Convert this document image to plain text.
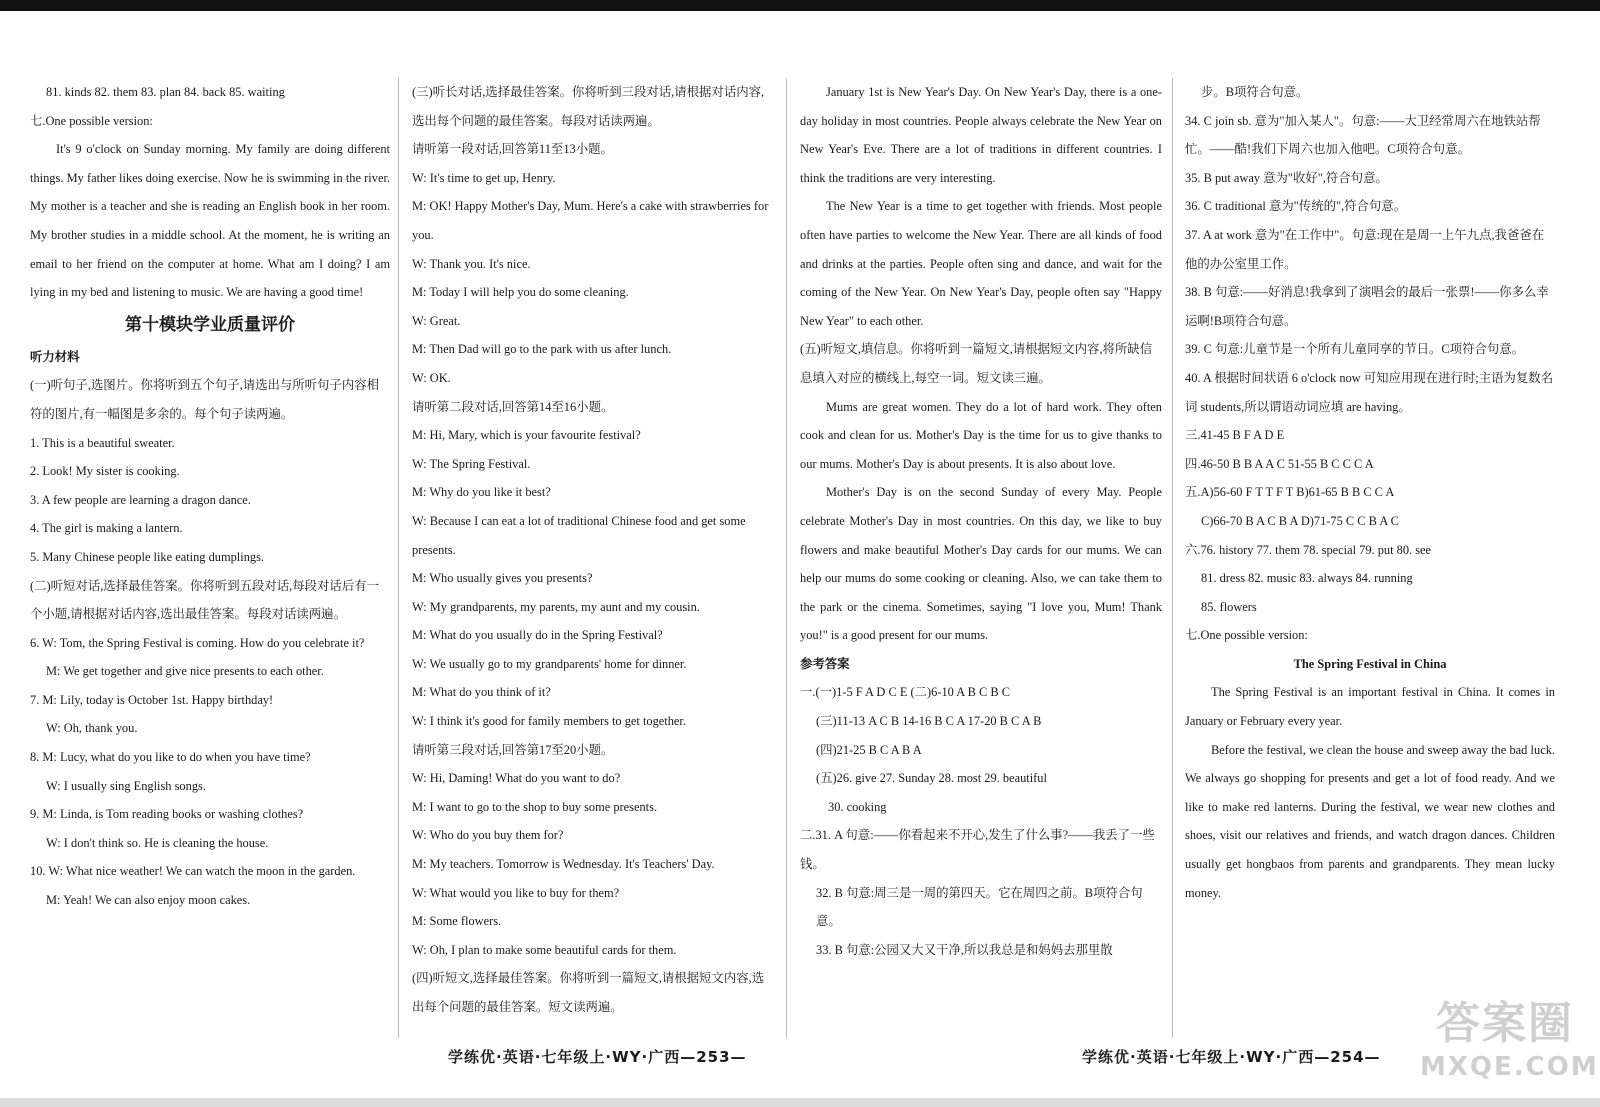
81. kinds 82. them 83. plan 84. back 85. waiting

七.One possible version:

It's 9 o'clock on Sunday morning. My family are doing different things. My father likes doing exercise. Now he is swimming in the river. My mother is a teacher and she is reading an English book in her room. My brother studies in a middle school. At the moment, he is writing an email to her friend on the computer at home. What am I doing? I am lying in my bed and listening to music. We are having a good time!

第十模块学业质量评价

听力材料

(一)听句子,选图片。你将听到五个句子,请选出与所听句子内容相符的图片,有一幅图是多余的。每个句子读两遍。

1. This is a beautiful sweater.

2. Look! My sister is cooking.

3. A few people are learning a dragon dance.

4. The girl is making a lantern.

5. Many Chinese people like eating dumplings.

(二)听短对话,选择最佳答案。你将听到五段对话,每段对话后有一个小题,请根据对话内容,选出最佳答案。每段对话读两遍。

6. W: Tom, the Spring Festival is coming. How do you celebrate it?

M: We get together and give nice presents to each other.

7. M: Lily, today is October 1st. Happy birthday!

W: Oh, thank you.

8. M: Lucy, what do you like to do when you have time?

W: I usually sing English songs.

9. M: Linda, is Tom reading books or washing clothes?

W: I don't think so. He is cleaning the house.

10. W: What nice weather! We can watch the moon in the garden.

M: Yeah! We can also enjoy moon cakes.

(三)听长对话,选择最佳答案。你将听到三段对话,请根据对话内容,选出每个问题的最佳答案。每段对话读两遍。

请听第一段对话,回答第11至13小题。

W: It's time to get up, Henry.

M: OK! Happy Mother's Day, Mum. Here's a cake with strawberries for you.

W: Thank you. It's nice.

M: Today I will help you do some cleaning.

W: Great.

M: Then Dad will go to the park with us after lunch.

W: OK.

请听第二段对话,回答第14至16小题。

M: Hi, Mary, which is your favourite festival?

W: The Spring Festival.

M: Why do you like it best?

W: Because I can eat a lot of traditional Chinese food and get some presents.

M: Who usually gives you presents?

W: My grandparents, my parents, my aunt and my cousin.

M: What do you usually do in the Spring Festival?

W: We usually go to my grandparents' home for dinner.

M: What do you think of it?

W: I think it's good for family members to get together.

请听第三段对话,回答第17至20小题。

W: Hi, Daming! What do you want to do?

M: I want to go to the shop to buy some presents.

W: Who do you buy them for?

M: My teachers. Tomorrow is Wednesday. It's Teachers' Day.

W: What would you like to buy for them?

M: Some flowers.

W: Oh, I plan to make some beautiful cards for them.

(四)听短文,选择最佳答案。你将听到一篇短文,请根据短文内容,选出每个问题的最佳答案。短文读两遍。

January 1st is New Year's Day. On New Year's Day, there is a one-day holiday in most countries. People always celebrate the New Year on New Year's Eve. There are a lot of traditions in different countries. I think the traditions are very interesting.

The New Year is a time to get together with friends. Most people often have parties to welcome the New Year. There are all kinds of food and drinks at the parties. People often sing and dance, and wait for the coming of the New Year. On New Year's Day, people often say "Happy New Year" to each other.

(五)听短文,填信息。你将听到一篇短文,请根据短文内容,将所缺信息填入对应的横线上,每空一词。短文读三遍。

Mums are great women. They do a lot of hard work. They often cook and clean for us. Mother's Day is the time for us to give thanks to our mums. Mother's Day is about presents. It is also about love.

Mother's Day is on the second Sunday of every May. People celebrate Mother's Day in most countries. On this day, we like to buy flowers and make beautiful Mother's Day cards for our mums. We can help our mums do some cooking or cleaning. Also, we can take them to the park or the cinema. Sometimes, saying "I love you, Mum! Thank you!" is a good present for our mums.

参考答案

一.(一)1-5 F A D C E (二)6-10 A B C B C

(三)11-13 A C B 14-16 B C A 17-20 B C A B

(四)21-25 B C A B A

(五)26. give 27. Sunday 28. most 29. beautiful

30. cooking

二.31. A 句意:——你看起来不开心,发生了什么事?——我丢了一些钱。

32. B 句意:周三是一周的第四天。它在周四之前。B项符合句意。

33. B 句意:公园又大又干净,所以我总是和妈妈去那里散

步。B项符合句意。

34. C join sb. 意为"加入某人"。句意:——大卫经常周六在地铁站帮忙。——酷!我们下周六也加入他吧。C项符合句意。

35. B put away 意为"收好",符合句意。

36. C traditional 意为"传统的",符合句意。

37. A at work 意为"在工作中"。句意:现在是周一上午九点,我爸爸在他的办公室里工作。

38. B 句意:——好消息!我拿到了演唱会的最后一张票!——你多么幸运啊!B项符合句意。

39. C 句意:儿童节是一个所有儿童同享的节日。C项符合句意。

40. A 根据时间状语 6 o'clock now 可知应用现在进行时;主语为复数名词 students,所以谓语动词应填 are having。

三.41-45 B F A D E

四.46-50 B B A A C 51-55 B C C C A

五.A)56-60 F T T F T B)61-65 B B C C A

C)66-70 B A C B A D)71-75 C C B A C

六.76. history 77. them 78. special 79. put 80. see

81. dress 82. music 83. always 84. running

85. flowers

七.One possible version:

The Spring Festival in China

The Spring Festival is an important festival in China. It comes in January or February every year.

Before the festival, we clean the house and sweep away the bad luck. We always go shopping for presents and get a lot of food ready. And we like to make red lanterns. During the festival, we wear new clothes and shoes, visit our relatives and friends, and watch dragon dances. Children usually get hongbaos from parents and grandparents. They mean lucky money.

学练优·英语·七年级上·WY·广西—253—	学练优·英语·七年级上·WY·广西—254—
答案圈
MXQE.COM
